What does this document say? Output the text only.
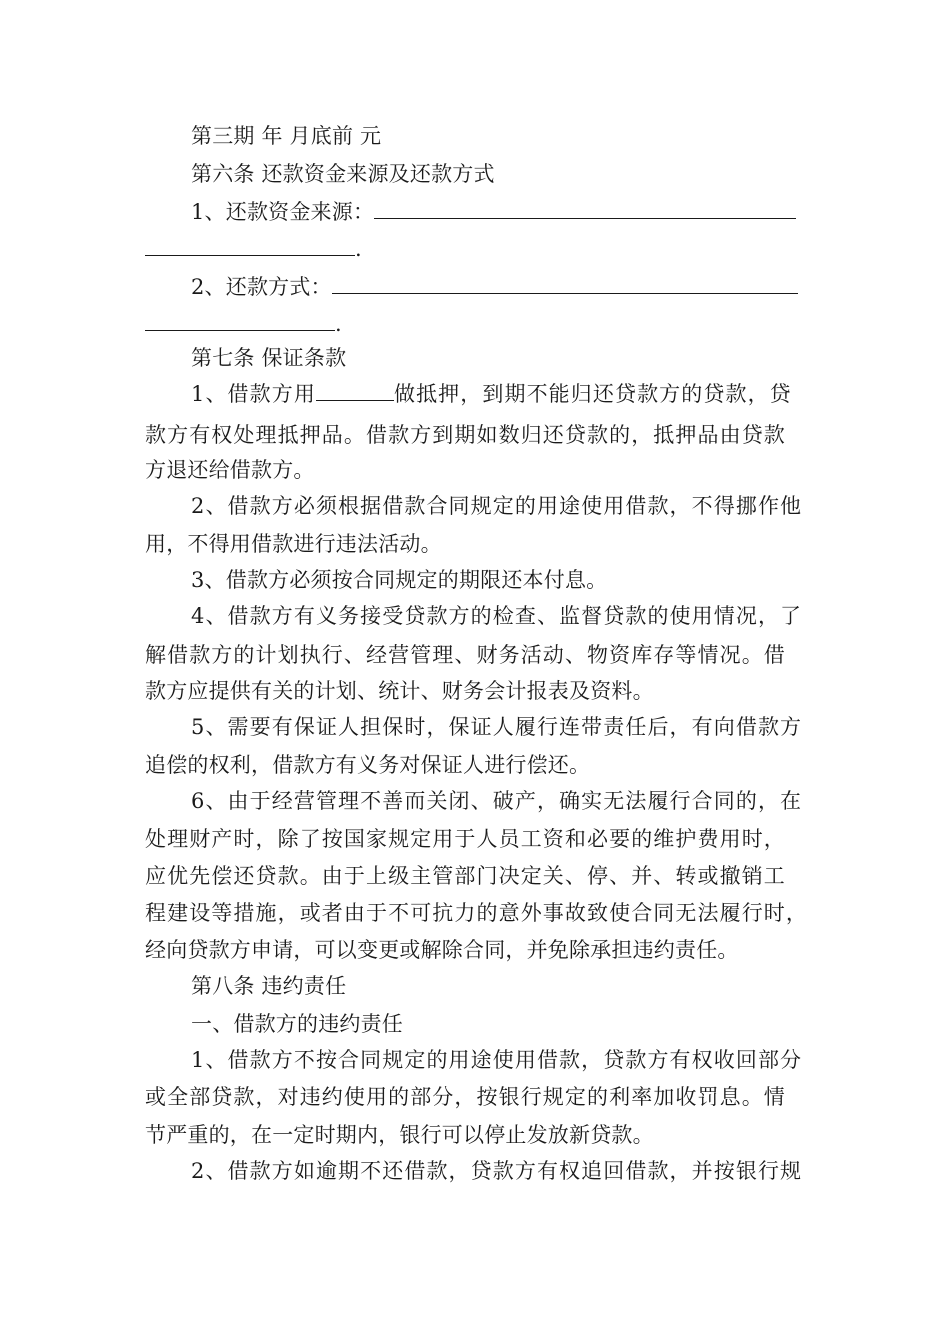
第三期 年 月底前 元
第六条 还款资金来源及还款方式
1、还款资金来源：
.
2、还款方式：
.
第七条 保证条款
1、借款方用	做抵押，到期不能归还贷款方的贷款，贷
款方有权处理抵押品。借款方到期如数归还贷款的，抵押品由贷款
方退还给借款方。
2、借款方必须根据借款合同规定的用途使用借款，不得挪作他
用，不得用借款进行违法活动。
3、借款方必须按合同规定的期限还本付息。
4、借款方有义务接受贷款方的检查、监督贷款的使用情况，了
解借款方的计划执行、经营管理、财务活动、物资库存等情况。借
款方应提供有关的计划、统计、财务会计报表及资料。
5、需要有保证人担保时，保证人履行连带责任后，有向借款方
追偿的权利，借款方有义务对保证人进行偿还。
6、由于经营管理不善而关闭、破产，确实无法履行合同的，在
处理财产时，除了按国家规定用于人员工资和必要的维护费用时，
应优先偿还贷款。由于上级主管部门决定关、停、并、转或撤销工
程建设等措施，或者由于不可抗力的意外事故致使合同无法履行时，
经向贷款方申请，可以变更或解除合同，并免除承担违约责任。
第八条 违约责任
一、借款方的违约责任
1、借款方不按合同规定的用途使用借款，贷款方有权收回部分
或全部贷款，对违约使用的部分，按银行规定的利率加收罚息。情
节严重的，在一定时期内，银行可以停止发放新贷款。
2、借款方如逾期不还借款，贷款方有权追回借款，并按银行规
